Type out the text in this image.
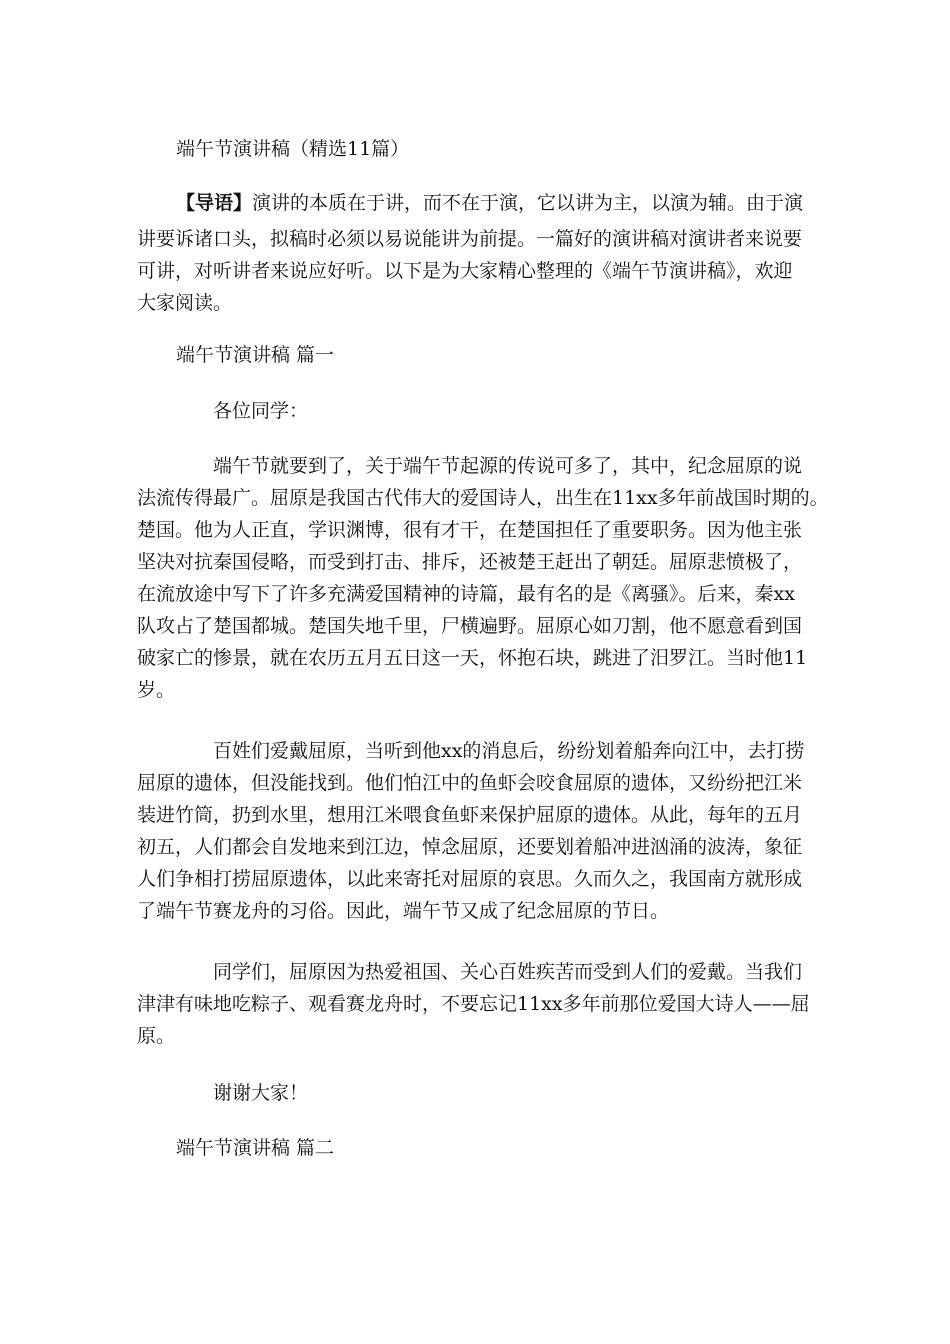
端午节演讲稿（精选11篇）

【导语】演讲的本质在于讲，而不在于演，它以讲为主，以演为辅。由于演

讲要诉诸口头，拟稿时必须以易说能讲为前提。一篇好的演讲稿对演讲者来说要

可讲，对听讲者来说应好听。以下是为大家精心整理的《端午节演讲稿》，欢迎

大家阅读。

端午节演讲稿 篇一

各位同学：

端午节就要到了，关于端午节起源的传说可多了，其中，纪念屈原的说

法流传得最广。屈原是我国古代伟大的爱国诗人，出生在11xx多年前战国时期的。

楚国。他为人正直，学识渊博，很有才干，在楚国担任了重要职务。因为他主张

坚决对抗秦国侵略，而受到打击、排斥，还被楚王赶出了朝廷。屈原悲愤极了，

在流放途中写下了许多充满爱国精神的诗篇，最有名的是《离骚》。后来，秦xx

队攻占了楚国都城。楚国失地千里，尸横遍野。屈原心如刀割，他不愿意看到国

破家亡的惨景，就在农历五月五日这一天，怀抱石块，跳进了汨罗江。当时他11

岁。

百姓们爱戴屈原，当听到他xx的消息后，纷纷划着船奔向江中，去打捞

屈原的遗体，但没能找到。他们怕江中的鱼虾会咬食屈原的遗体，又纷纷把江米

装进竹筒，扔到水里，想用江米喂食鱼虾来保护屈原的遗体。从此，每年的五月

初五，人们都会自发地来到江边，悼念屈原，还要划着船冲进汹涌的波涛，象征

人们争相打捞屈原遗体，以此来寄托对屈原的哀思。久而久之，我国南方就形成

了端午节赛龙舟的习俗。因此，端午节又成了纪念屈原的节日。

同学们，屈原因为热爱祖国、关心百姓疾苦而受到人们的爱戴。当我们

津津有味地吃粽子、观看赛龙舟时，不要忘记11xx多年前那位爱国大诗人——屈

原。

谢谢大家！

端午节演讲稿 篇二
